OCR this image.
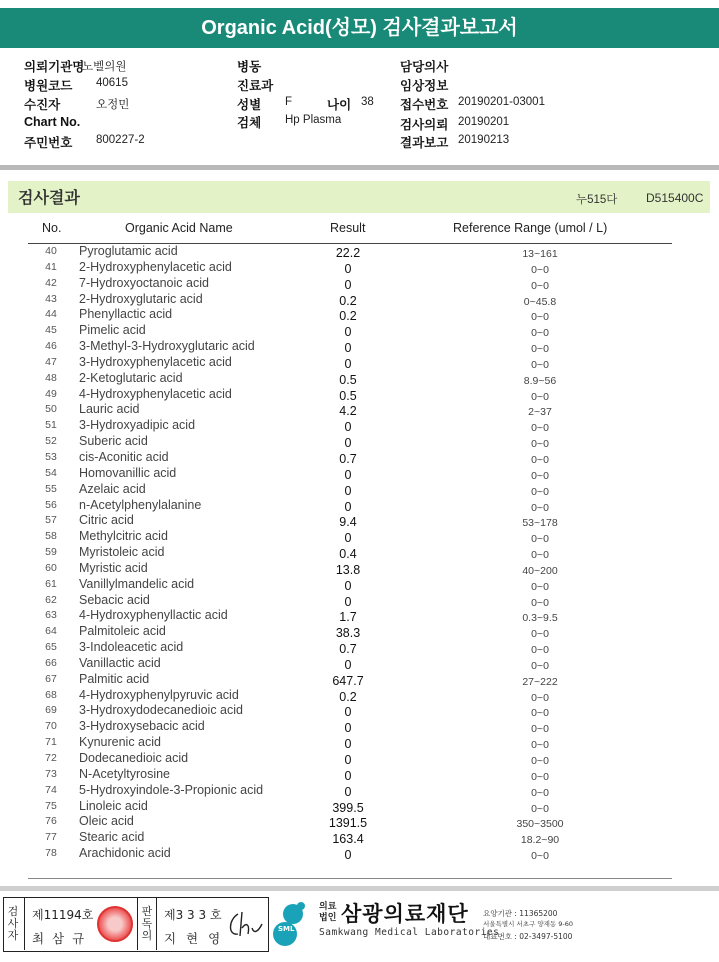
Organic Acid(성모) 검사결과보고서
의뢰기관명
노벨의원
병원코드 40615
수진자	오정민
Chart No.
주민번호 800227-2
병동
진료과
성별 F	나이 38
검체 Hp Plasma
담당의사
임상정보
접수번호 20190201-03001
검사의뢰 20190201
결과보고 20190213
검사결과	누515다 D515400C
No.	Organic Acid Name	Result	Reference Range (umol / L)
40	Pyroglutamic acid	22.2	13~161
41	2-Hydroxyphenylacetic acid	0	0~0
42	7-Hydroxyoctanoic acid	0	0~0
43	2-Hydroxyglutaric acid	0.2	0~45.8
44	Phenyllactic acid	0.2	0~0
45	Pimelic acid	0	0~0
46	3-Methyl-3-Hydroxyglutaric acid	0	0~0
47	3-Hydroxyphenylacetic acid	0	0~0
48	2-Ketoglutaric acid	0.5	8.9~56
49	4-Hydroxyphenylacetic acid	0.5	0~0
50	Lauric acid	4.2	2~37
51	3-Hydroxyadipic acid	0	0~0
52	Suberic acid	0	0~0
53	cis-Aconitic acid	0.7	0~0
54	Homovanillic acid	0	0~0
55	Azelaic acid	0	0~0
56	n-Acetylphenylalanine	0	0~0
57	Citric acid	9.4	53~178
58	Methylcitric acid	0	0~0
59	Myristoleic acid	0.4	0~0
60	Myristic acid	13.8	40~200
61	Vanillylmandelic acid	0	0~0
62	Sebacic acid	0	0~0
63	4-Hydroxyphenyllactic acid	1.7	0.3~9.5
64	Palmitoleic acid	38.3	0~0
65	3-Indoleacetic acid	0.7	0~0
66	Vanillactic acid	0	0~0
67	Palmitic acid	647.7	27~222
68	4-Hydroxyphenylpyruvic acid	0.2	0~0
69	3-Hydroxydodecanedioic acid	0	0~0
70	3-Hydroxysebacic acid	0	0~0
71	Kynurenic acid	0	0~0
72	Dodecanedioic acid	0	0~0
73	N-Acetyltyrosine	0	0~0
74	5-Hydroxyindole-3-Propionic acid	0	0~0
75	Linoleic acid	399.5	0~0
76	Oleic acid	1391.5	350~3500
77	Stearic acid	163.4	18.2~90
78	Arachidonic acid	0	0~0
검사자
제11194호
최 삼 규
판독의
제3 3 3 호
지 현 영
SML
의료
법인 삼광의료재단
Samkwang Medical Laboratories
요양기관 : 11365200
서울특별시 서초구 양재동 9-60
대표번호 : 02-3497-5100
